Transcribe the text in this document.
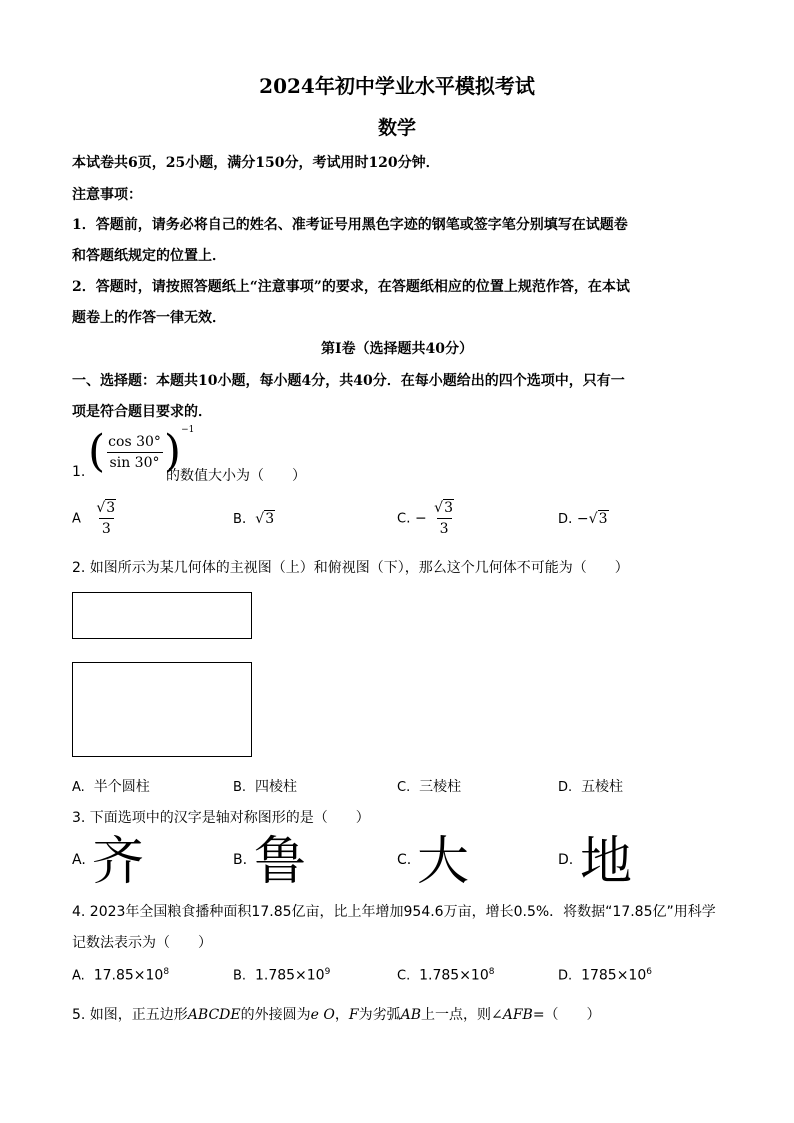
2024年初中学业水平模拟考试
数学
本试卷共6页，25小题，满分150分，考试用时120分钟．
注意事项：
1．答题前，请务必将自己的姓名、准考证号用黑色字迹的钢笔或签字笔分别填写在试题卷
和答题纸规定的位置上．
2．答题时，请按照答题纸上“注意事项”的要求，在答题纸相应的位置上规范作答，在本试
题卷上的作答一律无效．
第Ⅰ卷（选择题共40分）
一、选择题：本题共10小题，每小题4分，共40分．在每小题给出的四个选项中，只有一
项是符合题目要求的．
1. ( $\frac{\cos 30^\circ}{\sin 30^\circ} )^{-1}$
的数值大小为（　　）
A $\frac{√3}{3}$	B.  √3	C. − $\frac{√3}{3}$	D. −√3
2. 如图所示为某几何体的主视图（上）和俯视图（下），那么这个几何体不可能为（　　）
A. 半个圆柱	B. 四棱柱	C. 三棱柱	D. 五棱柱
3. 下面选项中的汉字是轴对称图形的是（　　）
A. 齐	B. 鲁	C. 大	D. 地
4. 2023年全国粮食播种面积17.85亿亩，比上年增加954.6万亩，增长0.5%．将数据“17.85亿”用科学
记数法表示为（　　）
A. $17.85\times 10^8$	B. $1.785\times 10^9$	C. $1.785\times 10^8$	D. $1785\times 10^6$
5. 如图，正五边形ABCDE的外接圆为e O，F为劣弧AB上一点，则∠AFB=（　　）
